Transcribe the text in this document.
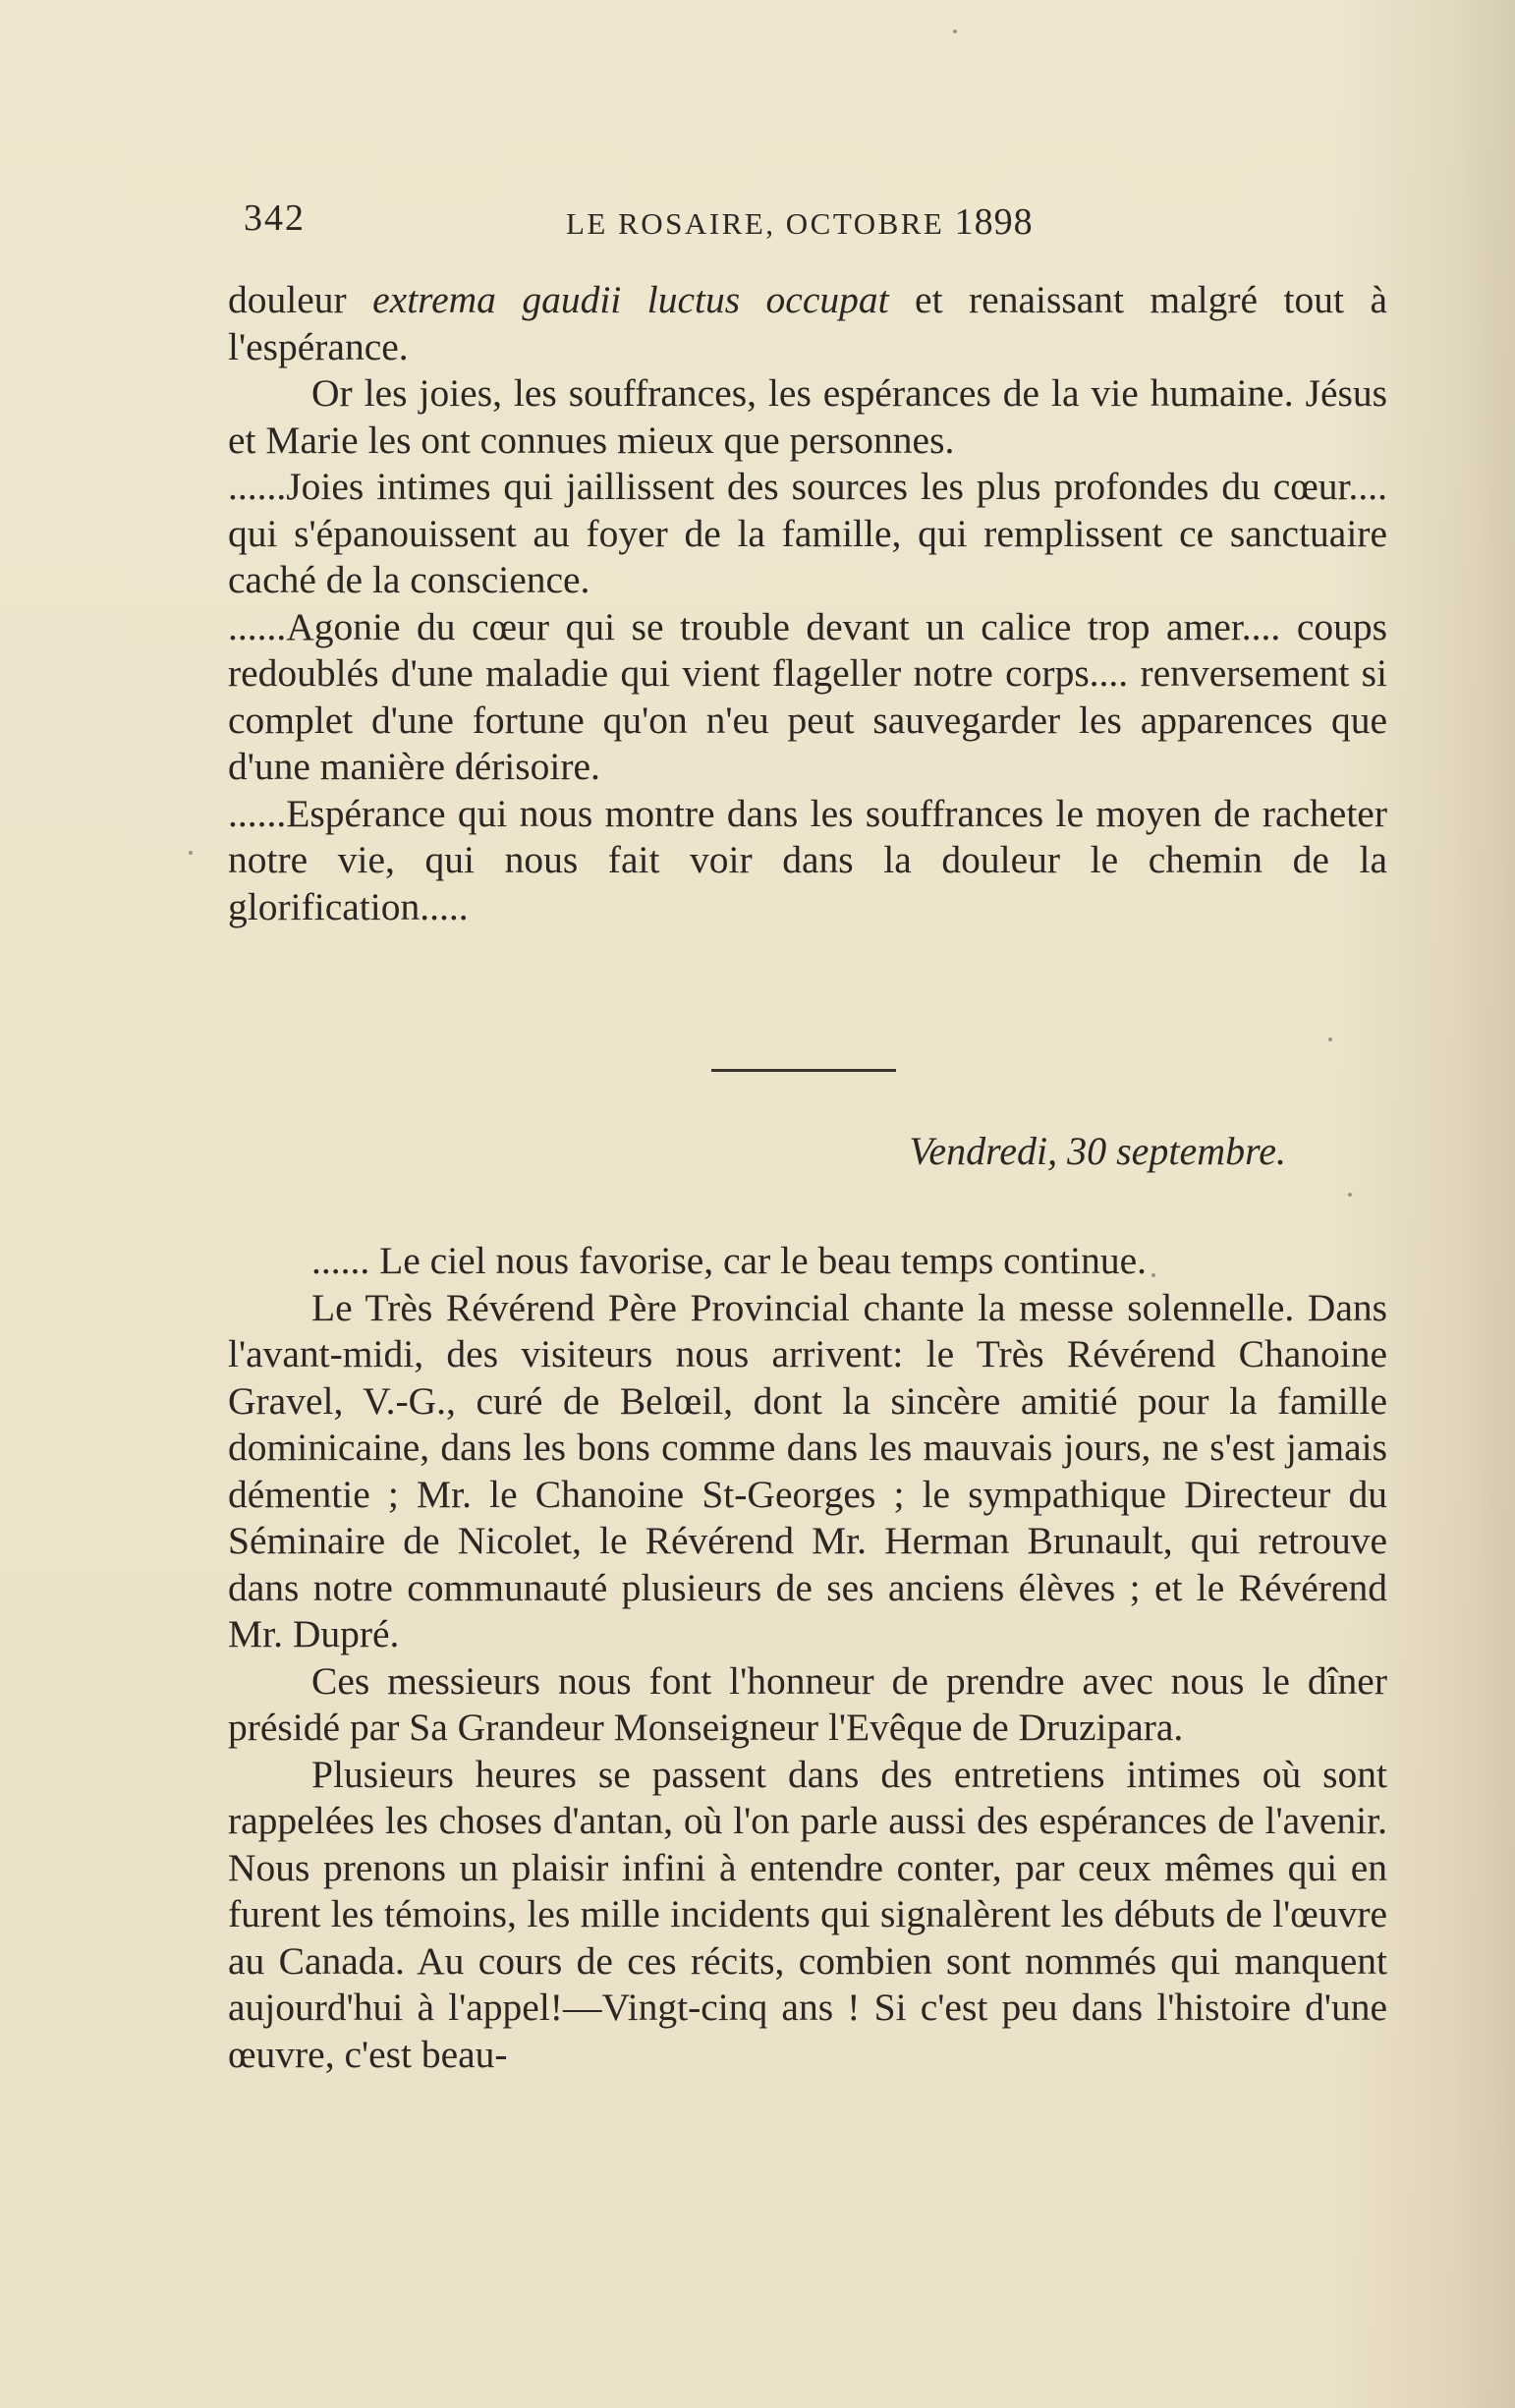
342	LE ROSAIRE, OCTOBRE 1898

douleur extrema gaudii luctus occupat et renaissant malgré tout à l'espérance.

Or les joies, les souffrances, les espérances de la vie humaine. Jésus et Marie les ont connues mieux que personnes.

......Joies intimes qui jaillissent des sources les plus profondes du cœur.... qui s'épanouissent au foyer de la famille, qui remplissent ce sanctuaire caché de la conscience.

......Agonie du cœur qui se trouble devant un calice trop amer.... coups redoublés d'une maladie qui vient flageller notre corps.... renversement si complet d'une fortune qu'on n'eu peut sauvegarder les apparences que d'une manière dérisoire.

......Espérance qui nous montre dans les souffrances le moyen de racheter notre vie, qui nous fait voir dans la douleur le chemin de la glorification.....

Vendredi, 30 septembre.

...... Le ciel nous favorise, car le beau temps continue.

Le Très Révérend Père Provincial chante la messe solennelle. Dans l'avant-midi, des visiteurs nous arrivent: le Très Révérend Chanoine Gravel, V.-G., curé de Belœil, dont la sincère amitié pour la famille dominicaine, dans les bons comme dans les mauvais jours, ne s'est jamais démentie ; Mr. le Chanoine St-Georges ; le sympathique Directeur du Séminaire de Nicolet, le Révérend Mr. Herman Brunault, qui retrouve dans notre communauté plusieurs de ses anciens élèves ; et le Révérend Mr. Dupré.

Ces messieurs nous font l'honneur de prendre avec nous le dîner présidé par Sa Grandeur Monseigneur l'Evêque de Druzipara.

Plusieurs heures se passent dans des entretiens intimes où sont rappelées les choses d'antan, où l'on parle aussi des espérances de l'avenir. Nous prenons un plaisir infini à entendre conter, par ceux mêmes qui en furent les témoins, les mille incidents qui signalèrent les débuts de l'œuvre au Canada. Au cours de ces récits, combien sont nommés qui manquent aujourd'hui à l'appel!—Vingt-cinq ans ! Si c'est peu dans l'histoire d'une œuvre, c'est beau-
